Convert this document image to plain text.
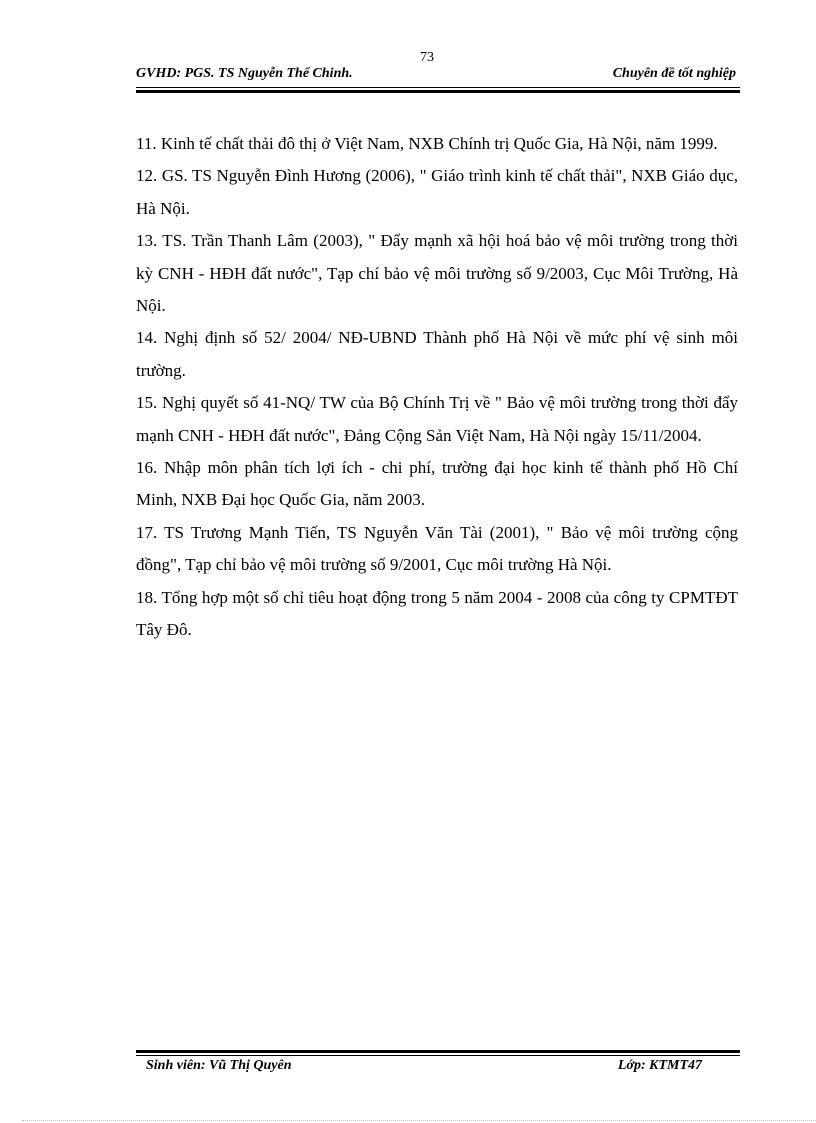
73
GVHD: PGS. TS Nguyễn Thế Chinh.	Chuyên đề tốt nghiệp

11. Kinh tế chất thải đô thị ở Việt Nam, NXB Chính trị Quốc Gia, Hà Nội, năm 1999.

12. GS. TS Nguyễn Đình Hương (2006), " Giáo trình kinh tế chất thải", NXB Giáo dục, Hà Nội.

13. TS. Trần Thanh Lâm (2003), " Đẩy mạnh xã hội hoá bảo vệ môi trường trong thời kỳ CNH - HĐH đất nước", Tạp chí bảo vệ môi trường số 9/2003, Cục Môi Trường, Hà Nội.

14. Nghị định số 52/ 2004/ NĐ-UBND Thành phố Hà Nội về mức phí vệ sinh môi trường.

15. Nghị quyết số 41-NQ/ TW của Bộ Chính Trị về " Bảo vệ môi trường trong thời đẩy mạnh CNH - HĐH đất nước", Đảng Cộng Sản Việt Nam, Hà Nội ngày 15/11/2004.

16. Nhập môn phân tích lợi ích - chi phí, trường đại học kinh tế thành phố Hồ Chí Minh, NXB Đại học Quốc Gia, năm 2003.

17. TS Trương Mạnh Tiến, TS Nguyễn Văn Tài (2001), " Bảo vệ môi trường cộng đồng", Tạp chỉ bảo vệ môi trường số 9/2001, Cục môi trường Hà Nội.

18. Tổng hợp một số chỉ tiêu hoạt động trong 5 năm 2004 - 2008 của công ty CPMTĐT Tây Đô.

Sinh viên: Vũ Thị Quyên	Lớp: KTMT47
